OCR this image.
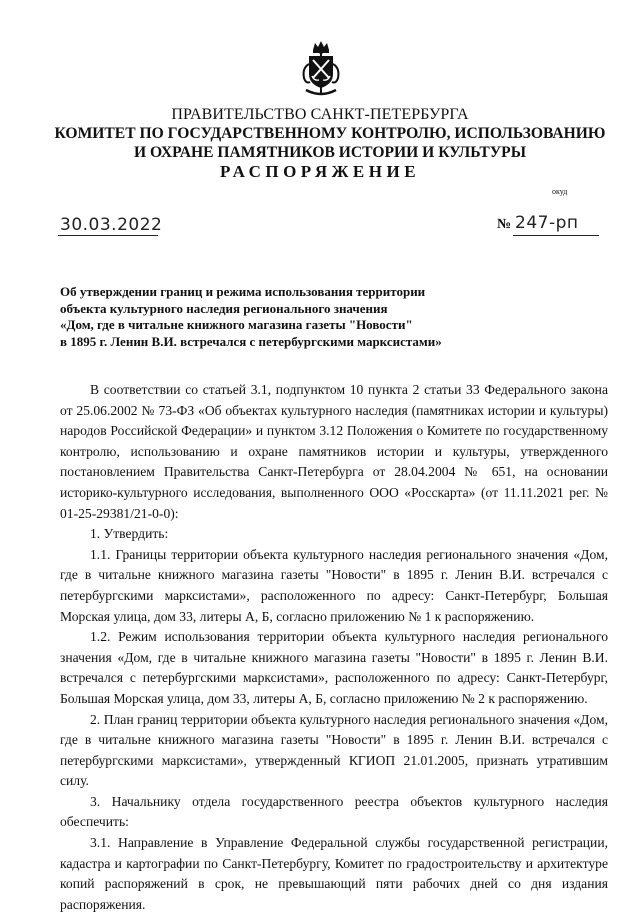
ПРАВИТЕЛЬСТВО САНКТ-ПЕТЕРБУРГА
КОМИТЕТ ПО ГОСУДАРСТВЕННОМУ КОНТРОЛЮ, ИСПОЛЬЗОВАНИЮ
И ОХРАНЕ ПАМЯТНИКОВ ИСТОРИИ И КУЛЬТУРЫ
РАСПОРЯЖЕНИЕ
окуд
30.03.2022	№ 247-рп
Об утверждении границ и режима использования территории
объекта культурного наследия регионального значения
«Дом, где в читальне книжного магазина газеты "Новости"
в 1895 г. Ленин В.И. встречался с петербургскими марксистами»

В соответствии со статьей 3.1, подпунктом 10 пункта 2 статьи 33 Федерального закона от 25.06.2002 № 73-ФЗ «Об объектах культурного наследия (памятниках истории и культуры) народов Российской Федерации» и пунктом 3.12 Положения о Комитете по государственному контролю, использованию и охране памятников истории и культуры, утвержденного постановлением Правительства Санкт-Петербурга от 28.04.2004 № 651, на основании историко-культурного исследования, выполненного ООО «Росскарта» (от 11.11.2021 рег. № 01-25-29381/21-0-0):

1. Утвердить:

1.1. Границы территории объекта культурного наследия регионального значения «Дом, где в читальне книжного магазина газеты "Новости" в 1895 г. Ленин В.И. встречался с петербургскими марксистами», расположенного по адресу: Санкт-Петербург, Большая Морская улица, дом 33, литеры А, Б, согласно приложению № 1 к распоряжению.

1.2. Режим использования территории объекта культурного наследия регионального значения «Дом, где в читальне книжного магазина газеты "Новости" в 1895 г. Ленин В.И. встречался с петербургскими марксистами», расположенного по адресу: Санкт-Петербург, Большая Морская улица, дом 33, литеры А, Б, согласно приложению № 2 к распоряжению.

2. План границ территории объекта культурного наследия регионального значения «Дом, где в читальне книжного магазина газеты "Новости" в 1895 г. Ленин В.И. встречался с петербургскими марксистами», утвержденный КГИОП 21.01.2005, признать утратившим силу.

3. Начальнику отдела государственного реестра объектов культурного наследия обеспечить:

3.1. Направление в Управление Федеральной службы государственной регистрации, кадастра и картографии по Санкт-Петербургу, Комитет по градостроительству и архитектуре копий распоряжений в срок, не превышающий пяти рабочих дней со дня издания распоряжения.
